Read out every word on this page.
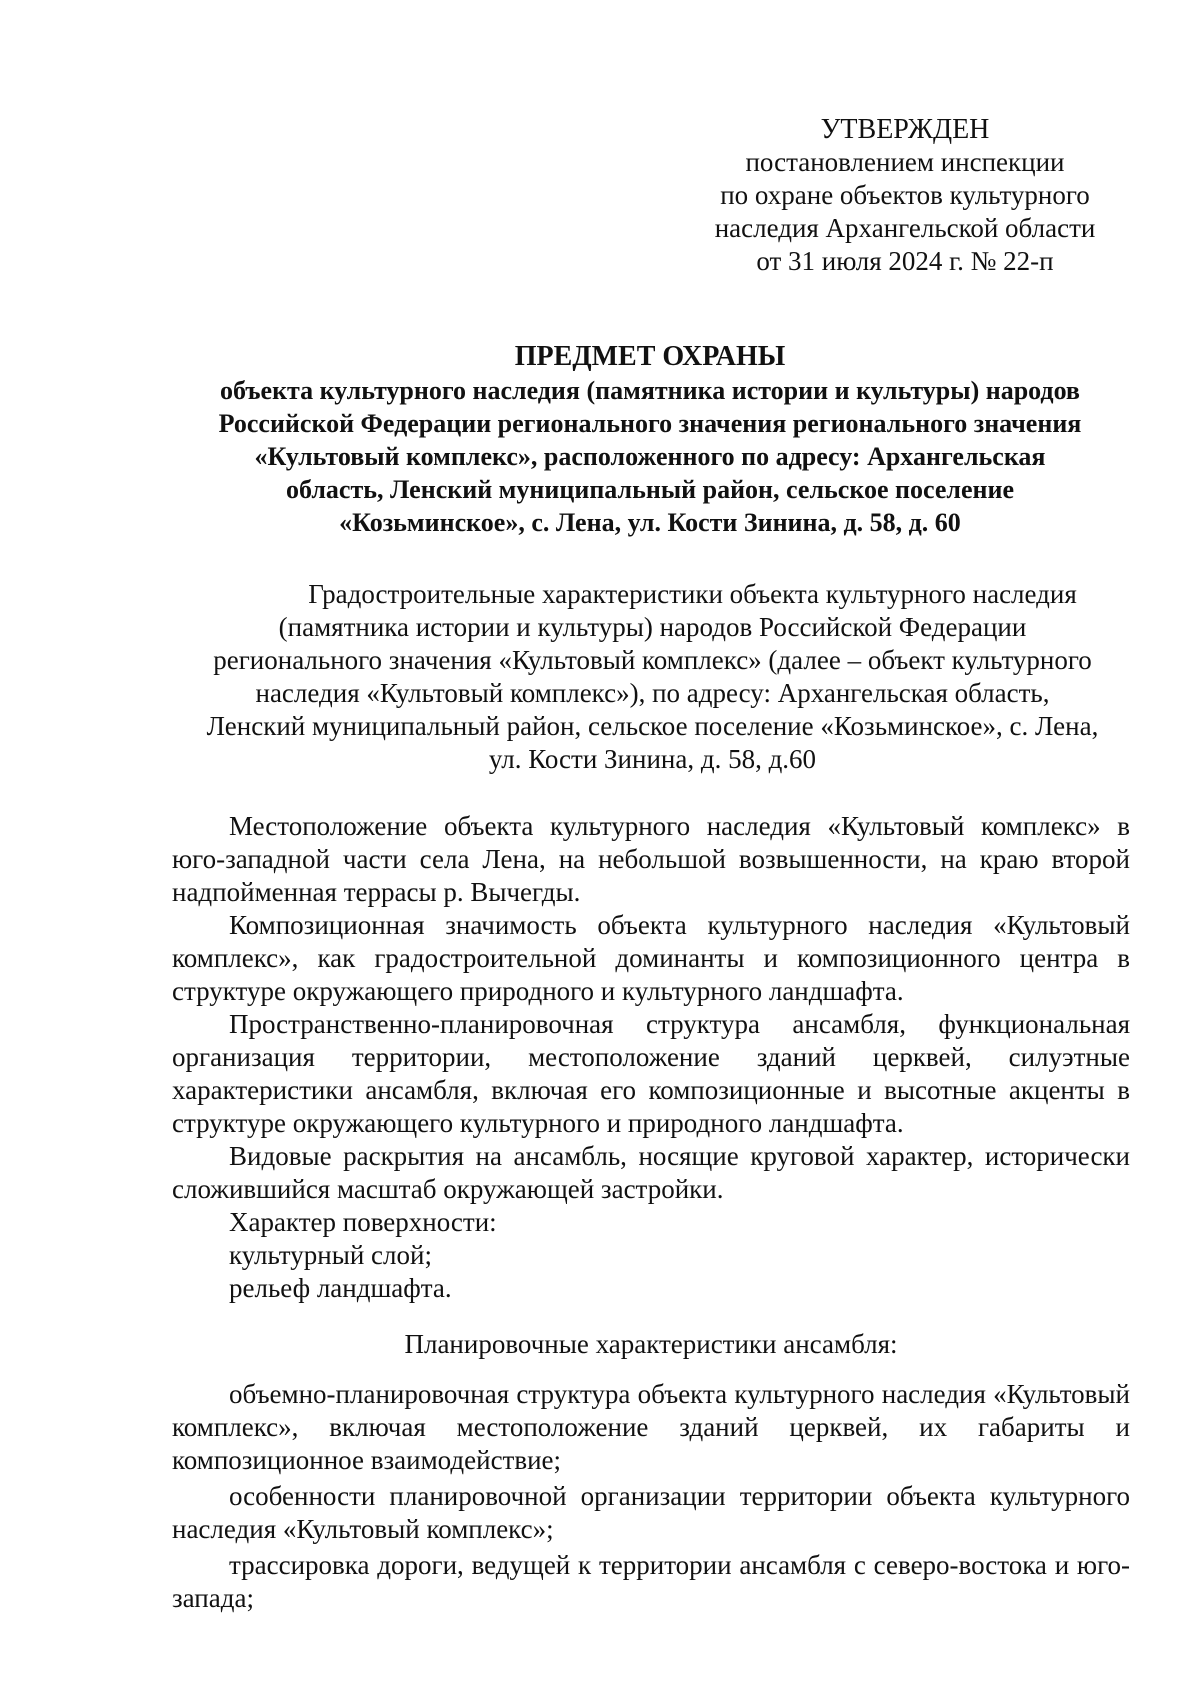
УТВЕРЖДЕН
постановлением инспекции
по охране объектов культурного
наследия Архангельской области
от 31 июля 2024 г. № 22-п
ПРЕДМЕТ ОХРАНЫ
объекта культурного наследия (памятника истории и культуры) народов
Российской Федерации регионального значения регионального значения
«Культовый комплекс», расположенного по адресу: Архангельская
область, Ленский муниципальный район, сельское поселение
«Козьминское», с. Лена, ул. Кости Зинина, д. 58, д. 60
Градостроительные характеристики объекта культурного наследия
(памятника истории и культуры) народов Российской Федерации
регионального значения «Культовый комплекс» (далее – объект культурного
наследия «Культовый комплекс»), по адресу: Архангельская область,
Ленский муниципальный район, сельское поселение «Козьминское», с. Лена,
ул. Кости Зинина, д. 58, д.60

Местоположение объекта культурного наследия «Культовый комплекс» в юго-западной части села Лена, на небольшой возвышенности, на краю второй надпойменная террасы р. Вычегды.

Композиционная значимость объекта культурного наследия «Культовый комплекс», как градостроительной доминанты и композиционного центра в структуре окружающего природного и культурного ландшафта.

Пространственно-планировочная структура ансамбля, функциональная организация территории, местоположение зданий церквей, силуэтные характеристики ансамбля, включая его композиционные и высотные акценты в структуре окружающего культурного и природного ландшафта.

Видовые раскрытия на ансамбль, носящие круговой характер, исторически сложившийся масштаб окружающей застройки.

Характер поверхности:

культурный слой;

рельеф ландшафта.

Планировочные характеристики ансамбля:

объемно-планировочная структура объекта культурного наследия «Культовый комплекс», включая местоположение зданий церквей, их габариты и композиционное взаимодействие;

особенности планировочной организации территории объекта культурного наследия «Культовый комплекс»;

трассировка дороги, ведущей к территории ансамбля с северо-востока и юго-запада;
